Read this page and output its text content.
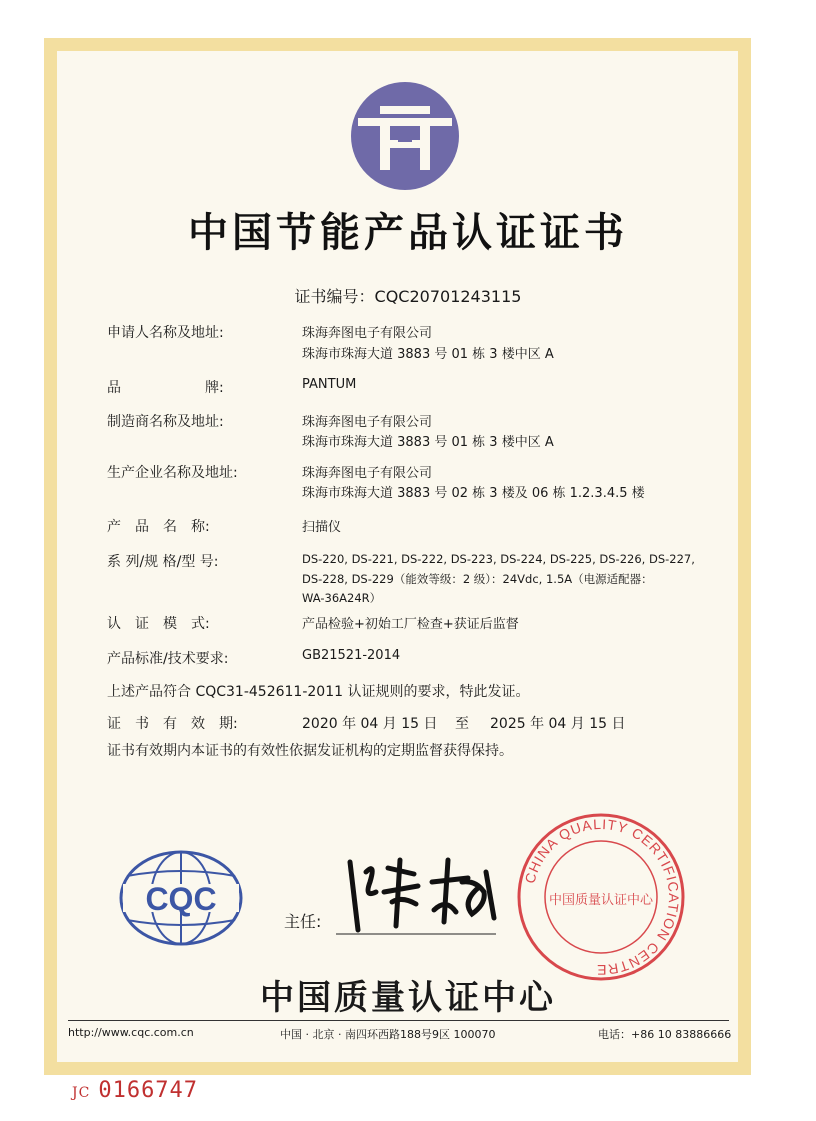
中国节能产品认证证书
证书编号：CQC20701243115
申请人名称及地址:	珠海奔图电子有限公司
珠海市珠海大道 3883 号 01 栋 3 楼中区 A
品　　　　　　牌:	PANTUM
制造商名称及地址:	珠海奔图电子有限公司
珠海市珠海大道 3883 号 01 栋 3 楼中区 A
生产企业名称及地址:	珠海奔图电子有限公司
珠海市珠海大道 3883 号 02 栋 3 楼及 06 栋 1.2.3.4.5 楼
产　品　名　称:	扫描仪
系 列/规 格/型 号:	DS-220, DS-221, DS-222, DS-223, DS-224, DS-225, DS-226, DS-227,
DS-228, DS-229（能效等级：2 级）：24Vdc, 1.5A（电源适配器：
WA-36A24R）
认　证　模　式:	产品检验+初始工厂检查+获证后监督
产品标准/技术要求:	GB21521-2014
上述产品符合 CQC31-452611-2011 认证规则的要求，特此发证。
证　书　有　效　期:	2020 年 04 月 15 日 至 2025 年 04 月 15 日
证书有效期内本证书的有效性依据发证机构的定期监督获得保持。
CQC
主任:
CHINA QUALITY CERTIFICATION CENTRE
中国质量认证中心
中国质量认证中心
http://www.cqc.com.cn	中国 · 北京 · 南四环西路188号9区 100070	电话：+86 10 83886666
JC 0166747
